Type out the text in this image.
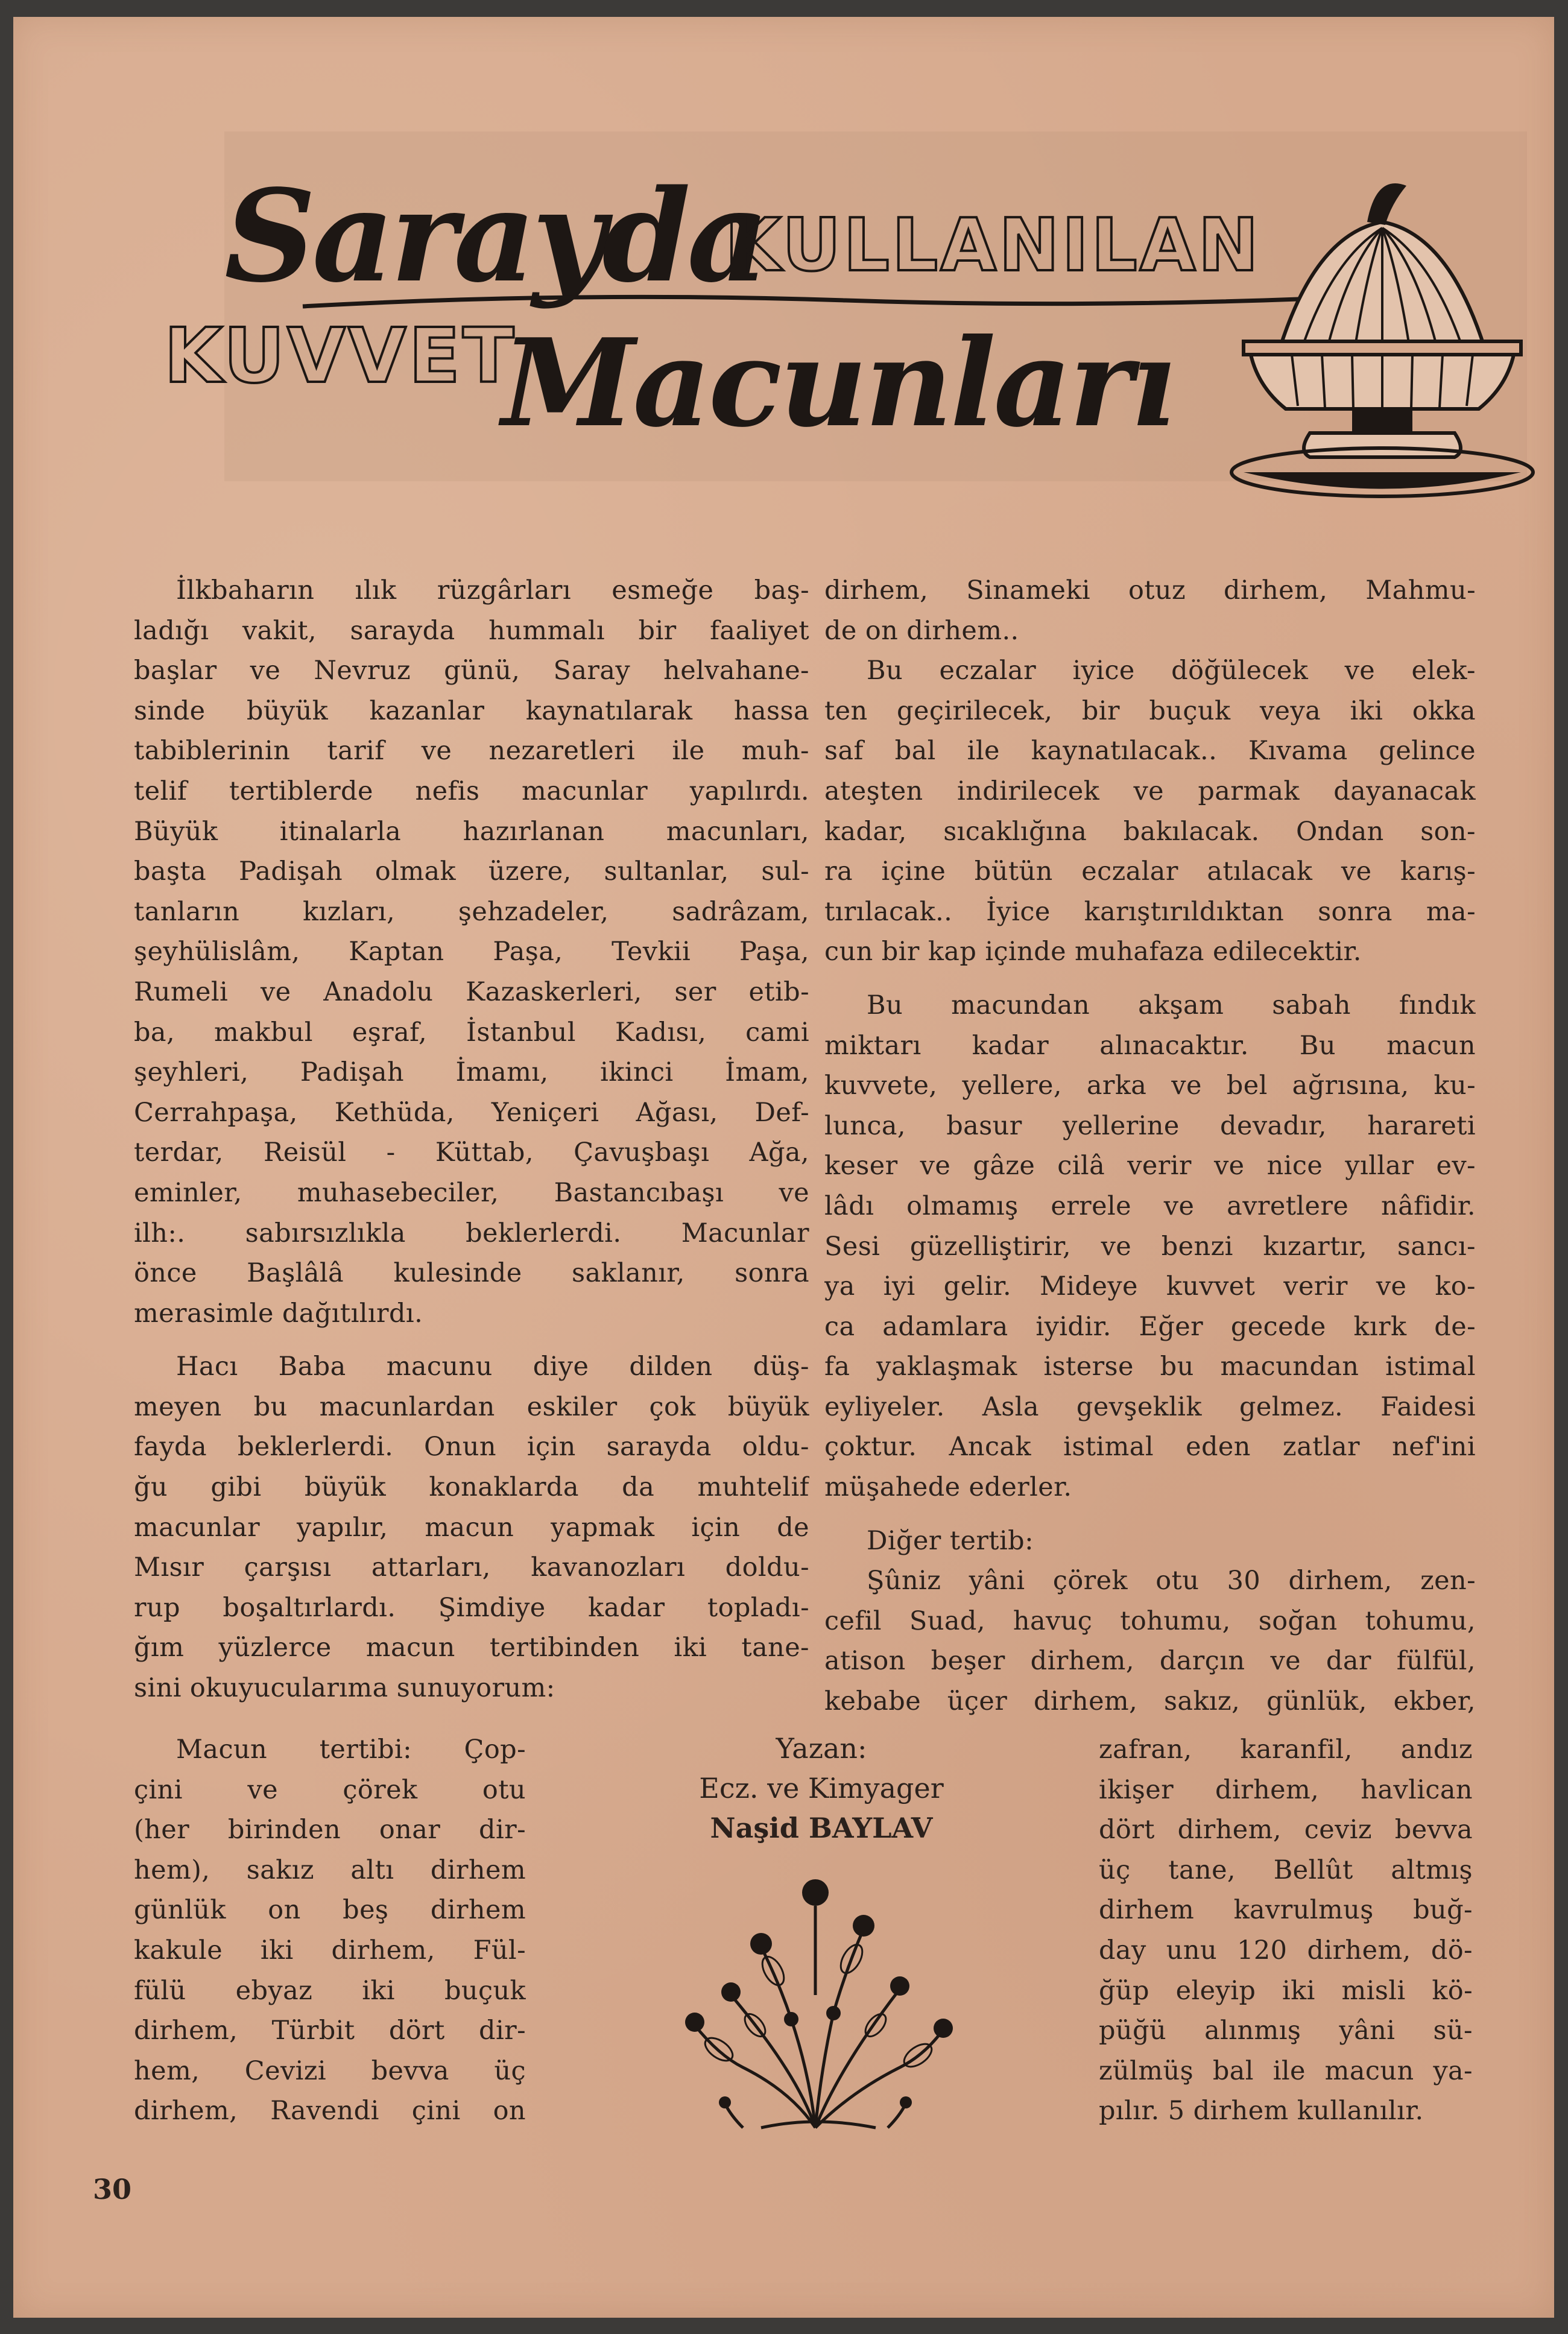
Sarayda
KULLANILAN
KUVVET
Macunları
İlkbaharın ılık rüzgârları esmeğe baş-
ladığı vakit, sarayda hummalı bir faaliyet
başlar ve Nevruz günü, Saray helvahane-
sinde büyük kazanlar kaynatılarak hassa
tabiblerinin tarif ve nezaretleri ile muh-
telif tertiblerde nefis macunlar yapılırdı.
Büyük itinalarla hazırlanan macunları,
başta Padişah olmak üzere, sultanlar, sul-
tanların kızları, şehzadeler, sadrâzam,
şeyhülislâm, Kaptan Paşa, Tevkii Paşa,
Rumeli ve Anadolu Kazaskerleri, ser etib-
ba, makbul eşraf, İstanbul Kadısı, cami
şeyhleri, Padişah İmamı, ikinci İmam,
Cerrahpaşa, Kethüda, Yeniçeri Ağası, Def-
terdar, Reisül - Küttab, Çavuşbaşı Ağa,
eminler, muhasebeciler, Bastancıbaşı ve
ilh:. sabırsızlıkla beklerlerdi. Macunlar
önce Başlâlâ kulesinde saklanır, sonra
merasimle dağıtılırdı.
Hacı Baba macunu diye dilden düş-
meyen bu macunlardan eskiler çok büyük
fayda beklerlerdi. Onun için sarayda oldu-
ğu gibi büyük konaklarda da muhtelif
macunlar yapılır, macun yapmak için de
Mısır çarşısı attarları, kavanozları doldu-
rup boşaltırlardı. Şimdiye kadar topladı-
ğım yüzlerce macun tertibinden iki tane-
sini okuyucularıma sunuyorum:
Macun tertibi: Çop-
çini ve çörek otu
(her birinden onar dir-
hem), sakız altı dirhem
günlük on beş dirhem
kakule iki dirhem, Fül-
fülü ebyaz iki buçuk
dirhem, Türbit dört dir-
hem, Cevizi bevva üç
dirhem, Ravendi çini on
dirhem, Sinameki otuz dirhem, Mahmu-
de on dirhem..
Bu eczalar iyice döğülecek ve elek-
ten geçirilecek, bir buçuk veya iki okka
saf bal ile kaynatılacak.. Kıvama gelince
ateşten indirilecek ve parmak dayanacak
kadar, sıcaklığına bakılacak. Ondan son-
ra içine bütün eczalar atılacak ve karış-
tırılacak.. İyice karıştırıldıktan sonra ma-
cun bir kap içinde muhafaza edilecektir.
Bu macundan akşam sabah fındık
miktarı kadar alınacaktır. Bu macun
kuvvete, yellere, arka ve bel ağrısına, ku-
lunca, basur yellerine devadır, harareti
keser ve gâze cilâ verir ve nice yıllar ev-
lâdı olmamış errele ve avretlere nâfidir.
Sesi güzelliştirir, ve benzi kızartır, sancı-
ya iyi gelir. Mideye kuvvet verir ve ko-
ca adamlara iyidir. Eğer gecede kırk de-
fa yaklaşmak isterse bu macundan istimal
eyliyeler. Asla gevşeklik gelmez. Faidesi
çoktur. Ancak istimal eden zatlar nef'ini
müşahede ederler.
Diğer tertib:
Şûniz yâni çörek otu 30 dirhem, zen-
cefil Suad, havuç tohumu, soğan tohumu,
atison beşer dirhem, darçın ve dar fülfül,
kebabe üçer dirhem, sakız, günlük, ekber,
zafran, karanfil, andız
ikişer dirhem, havlican
dört dirhem, ceviz bevva
üç tane, Bellût altmış
dirhem kavrulmuş buğ-
day unu 120 dirhem, dö-
ğüp eleyip iki misli kö-
püğü alınmış yâni sü-
zülmüş bal ile macun ya-
pılır. 5 dirhem kullanılır.
Yazan:
Ecz. ve Kimyager
Naşid BAYLAV
30
